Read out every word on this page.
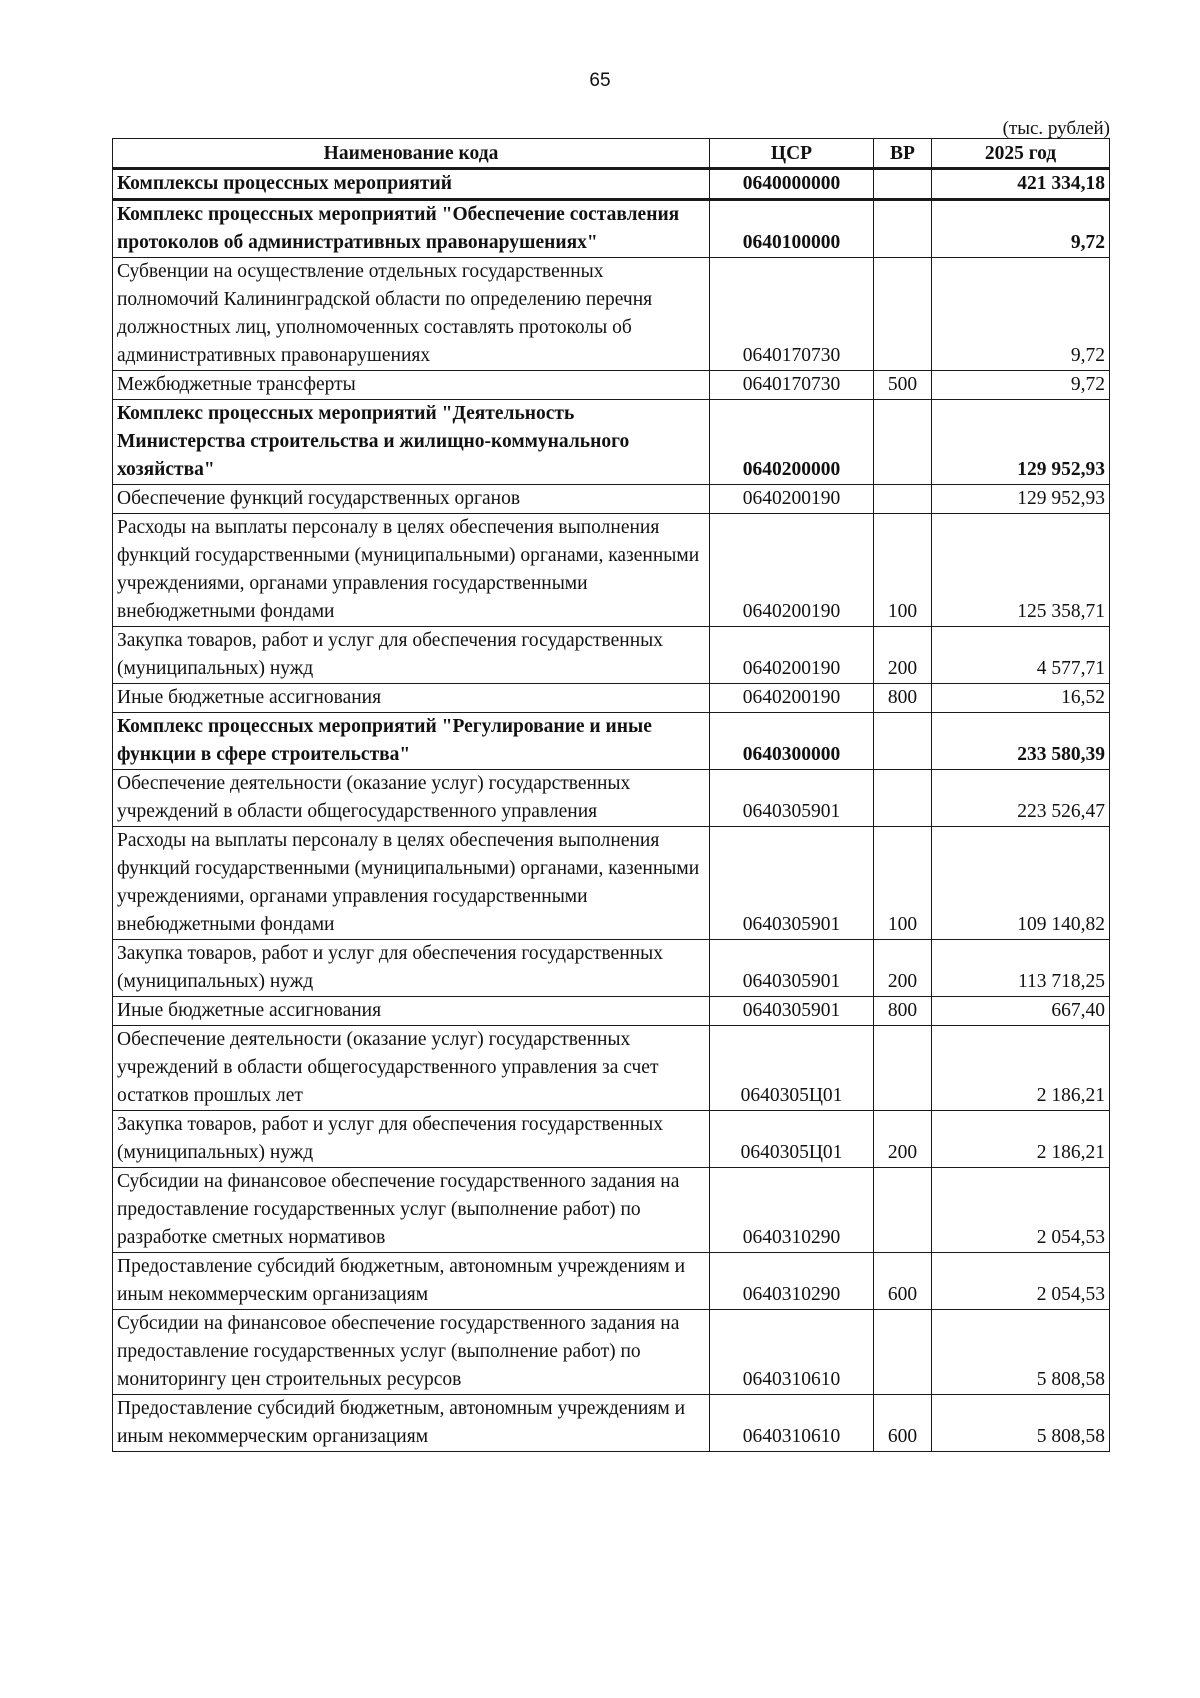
65
(тыс. рублей)
Наименование кода	ЦСР	ВР	2025 год
Комплексы процессных мероприятий	0640000000		421 334,18
Комплекс процессных мероприятий "Обеспечение составления протоколов об административных правонарушениях"	0640100000		9,72
Субвенции на осуществление отдельных государственных полномочий Калининградской области по определению перечня должностных лиц, уполномоченных составлять протоколы об административных правонарушениях	0640170730		9,72
Межбюджетные трансферты	0640170730	500	9,72
Комплекс процессных мероприятий "Деятельность Министерства строительства и жилищно-коммунального хозяйства"	0640200000		129 952,93
Обеспечение функций государственных органов	0640200190		129 952,93
Расходы на выплаты персоналу в целях обеспечения выполнения функций государственными (муниципальными) органами, казенными учреждениями, органами управления государственными внебюджетными фондами	0640200190	100	125 358,71
Закупка товаров, работ и услуг для обеспечения государственных (муниципальных) нужд	0640200190	200	4 577,71
Иные бюджетные ассигнования	0640200190	800	16,52
Комплекс процессных мероприятий "Регулирование и иные функции в сфере строительства"	0640300000		233 580,39
Обеспечение деятельности (оказание услуг) государственных учреждений в области общегосударственного управления	0640305901		223 526,47
Расходы на выплаты персоналу в целях обеспечения выполнения функций государственными (муниципальными) органами, казенными учреждениями, органами управления государственными внебюджетными фондами	0640305901	100	109 140,82
Закупка товаров, работ и услуг для обеспечения государственных (муниципальных) нужд	0640305901	200	113 718,25
Иные бюджетные ассигнования	0640305901	800	667,40
Обеспечение деятельности (оказание услуг) государственных учреждений в области общегосударственного управления за счет остатков прошлых лет	0640305Ц01		2 186,21
Закупка товаров, работ и услуг для обеспечения государственных (муниципальных) нужд	0640305Ц01	200	2 186,21
Субсидии на финансовое обеспечение государственного задания на предоставление государственных услуг (выполнение работ) по разработке сметных нормативов	0640310290		2 054,53
Предоставление субсидий бюджетным, автономным учреждениям и иным некоммерческим организациям	0640310290	600	2 054,53
Субсидии на финансовое обеспечение государственного задания на предоставление государственных услуг (выполнение работ) по мониторингу цен строительных ресурсов	0640310610		5 808,58
Предоставление субсидий бюджетным, автономным учреждениям и иным некоммерческим организациям	0640310610	600	5 808,58
